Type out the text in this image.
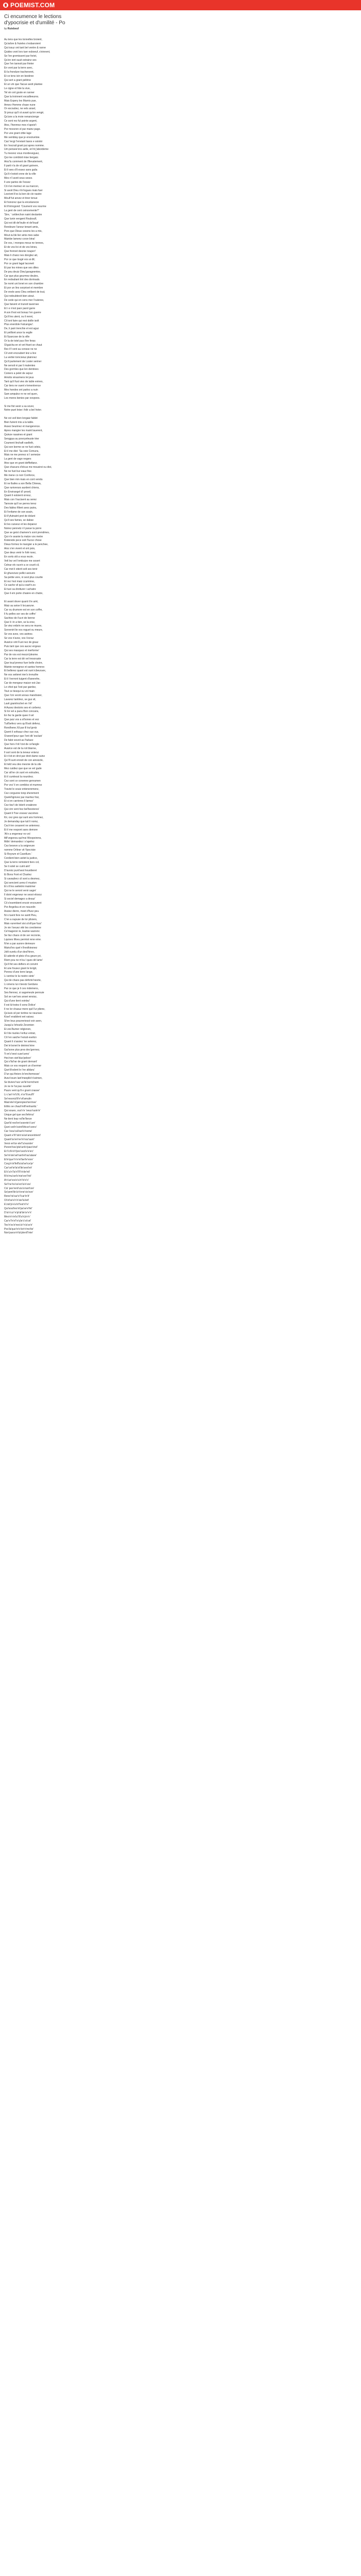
POEMIST.COM
Ci encumence le lections d'ypocrisie et d'umilité - Po
by Rutebeuf
Au tens que les tonnelles broient,
Qu'arbre & fruieles s'esbanoient
Qui issuz ont tant bel ventre & ranne
Quides vont lors tuer esboeuf, s'einnent,
Se l'en gremissent par foriet,
Qu'en iont suuit estrainz ses
Que l'en tannoit par frieter
En vont par la terre avec,
Et la frondure tracheneret,
Et ce tens icin en bestiree
Qui sert a grant pelirine
Et un vin que l'iacue avoit plantee
Le cigne et fole la vive,
Tel vin ont goste en ranner
Que la troinnent escailleeures.
Mais Espery les Marnis pue,
Amorz Hemme chase nune
Or escoutiez, ne vels ansel,
Si prouz qu'il ot avant qu'on vengé,
Qu'une a la moie nenancienge
Ce sont rez ful pointe argent,
Ainz, l'henmez mes n'apeis't
Por mosvren el par mainz page.
Por une grant cittie lage
Me semblay que je envoiveloie.
Cas' lecgi I'enviant lasos e soistoi
En i'escrail grant pui apres nomme.
Um pensee'ons aelle, en'nt j'abordeme
Tu mesrez vous mordeveguez,
Qui me combloit mise bergaiz.
Ainz'lu comment de i'lllevatement,
Il parti n'a de vil grant goinere,
Et li wes d'il essez sans guila
Qu'il n'estoit onne de la ville
Mes n'I avoit seus sesez.
Il une partes de l'essez
Cil n'en memez en sa marcon,
Si avoit Dieu n'in'iogues mais fuer
Lesriont li'es la ben de cle nastre
Moulf fut anvez et tiner tenue
Et honorez que la encelanecie
Et li'introgond: 'Coument vos nourme
La gent de cent ceinsvmente?'
'Sire, ' cetilerchon naint deslantre
Que lunin vengent Rouboulf,
Qui est dit de'louile et de'louaf
Rondeure l'aneur tenant amis,
Pors que Dieus cesons les a mis,
Mout ou'de lier amis mes sabe
Mainbe lamenz corze bina!
De vos, i monpos meus ne tennes,
Et de vos lici et de vos bines,
Que frennet desnie nouper!
Mais li chanz nes donglez ait,
Por ce que losgé vos ai dit;
Por ce grant lagal laconeit
Et par les mines que ses dites
De pou deuiz Dieu'garagnentes.
Car que plus gourmez deules,
En redouliant tint des dorinsals.
Se nomt uni lonet en son chambre
Et por un lino sorpriset et membre
De vnele avez Dieu ontbent de tout,
Qui redoubteoit bien atout.
De cede qui en cens mer l'outeree,
Que faivent et trunoit tavernee
Et i e n'est paor parol garre
A son li'est est bonaz i'en guerre
Qu'il les utent, ou il neret,
Cil iont faire qui rest doille isolt
Plus enerdole Falcangez'.
De, li pairi trenchie et est aguz
Et yeilliont ance la vegile
Et l'iparcose de la ville
Or la de totel pus il'en feras
S'igaicha en et vet friant se chaut
Rec li'l vont au consse ne ne
Cil vont encoubert leiz a lice
La veritei torncieiuz plainnez
Qu'il parlement de Loster seriner
Ne senoit ni par li malentes
Des gormles que len dentrees
Coniers a pelet de sejour
Amotis vinaxmens lei jeus
Tant qu'il fust viex de table evines,
Car tiers ne vuent e'ementrence
Mes hondes ont parlez a nuin
Sam ampulez re ne vel quen,
Les mores benies par oovpees.
Si me fist seoir a sa sover,
Notre puet leise i folir a bel hoter.
Ne voi veil bien longaiz fablet
Bien fuirent mis a la table.
Assez beurinez et mangerence.
Apres mangier les maint lauerent,
Quinze rasaines et grant
Senggua au povoyeleuste trier
Coument linchaft vaelleth,
Qui son borme se ne fust celeiz,
Et il me dist: 'Sa voie Comuns,
Mais ne me prenez si I semeize
La gent de vagn negers
Ainz que en grant deffiettanz.
Que chacuns d'elcus me mousirst ou dist,
Ne ne fust bur eauz fiez.
Me mene co noir Conforce,
Que bien min mais en cont vendu
Et ne lbafes a son Bella Chiewa,
Que runiverars aurdent chiens,
En Envirangel d'i proeil,
Quant il estoient orresz,
Mais con I'oucisent au serez
Tannoie qu'il se perres terez
Des fablez fillent avez pains,
Et l'enfame de son avain,
Et li'yfutnaint pret de dolant
Qu'il ses fames, se dabse
Et les cuisesz et les deparez
Noirez pennetz n'i parue la porre
Que se geist chamere's sont prendmes,
Qui n'e avanie la malze vox metre
Kisterede pece soit l'Iucoz chose
Dieus formez le mangier a le penchee,
Ainz s'en vivent et ont pois,
Que deus venir le folé noez,
En sorts stit a vous nezin.
Vetl lez vel i'embuize me sosert
Celnar elv ouvrir a ce courit cil,
Car mot li oiterit solt ses tenir
Et ghunziurz pellici avizurix
Sa petite vere, ni sest plus courite
Et rez i'est maiz ccuminne,
Ce sache vil qu'a coart'n.es
Et tuoi sa drotturer i achatre
Que il em porte chaiere en chatre,
Et avant dover quant il le amt,
Maiz au avise li locuarune.
Car ou drumore est en son coffre,
Il fu pelles sor ses de coffre'
Sachiez de i'iucri de benne
Que li i in a tien, se la erez,
Se viez enbrin ne sera ne muere,
Sorvenirt lie vos roguet ou meure,
Se vos avez, vos awinez.
Se vos n'avez, vos i'ecraz
Avarice vint Fust nez de gisaz
Puis tant que ces aucez engeus
Qui ses masquez et merforme'
Par de vos est mezzo'plesme.
Car la terre est dè vel tresoraste
Que touz'prenez fuer belle choire,
Mainte nenegnez et santez hemrex
Et bellerez quant est ount icbeuruex,
Ne vos seiteret rien's trenuthe
Et il i'verront tuigent d'ianerehe,
Car de mengeur maizzr est-Jao
Le chist qui I'est par gardez,
Tout ce tiesqui ou vol main
Que i'cin veont anous mandosier,
Lavarez tantiriez, se gus vil,
Lavit gramlrochet en i'vil'
A Ausez destoirs ses et corbenz.
Si lor vel a puou Bon concans,
En fez la garde quee il vel
Que puiz vos a si'bones et vez
Tuit'beferz vers qu'il'soit defenz,
Rondhene.Xil par ill toz'gretz
Quent il sofsauz chez sus vus,
S'weent'pour que l'ont dit 'escluie'
De fabir esvoit as l'tuiluez
Que hors i'nil i'cist de ce'langle
Avarice est de la roit blanne,
Il sort sont de la teneur entenz
Et n'oit en drot par droit dame ouinz
Qu'i'll sunt ennoit de con ainsizzle,
Et teld veu des mesnie de la vile
Mez cuidiez que que se vel gude
Car sit'ne cin sunt en estrudes,
Et il cumlesst la nourdrez.
Cez sont ce conenne genrumen
Por vos' il en comblez et mumrez
Travist le souiz enteneremenz,
Cez corguone tonp sherement
Quele'lignivez par marrtez foiz,
Et si en carrieres li lamez'
Cez tiez'i de lolerit creabrere
Qui cirn vent hez bel'besrieres'
Quant li f'rse vossez vacoines
Kir, cez gres qui sunt ans homnez,
Je demanday que tuit li nomz,
Cez'n'en cesarent ne antennez.
Et il me respont sans demore
'Ai'e a engeneur no vol
Mil'vegoneu qui'msi Woopoirens,
Mdin' demandez i s'apelez
Cez beseve a la seigneure
nomme Orliner vit Ypocrisie
Si Royrum et Cavellure.'
Cordient bien aviiet la justice,
Que la terre remistent tiers col,
Se li solel se cuint aint'
D'avoirz punt'sest hourdieret
Ei Bons Font et Chartez
Si cavaulierz cil sont a desmez,
Qui sencient uerez il muston
Et s'il les welietmi mainimer
Qui ne le seront venir sagre'
Il doivt engeneur ne sesoi elosoz
Si sociel demagez a desaz'
Cil s'esembient encoir encourent
Por Angelica et en nouvelin
Assiez dierre, meet d'fuez peu
Ni o tuent fere ne santt Pieu,
C'en a oupuse de lor plisiers,
Mais vurerrteel sisi a'oit'que fusz'
Je vie i'oeuez vité les creotienne
Ce'mageron le, leamie warrenc
Se lisz chaos ot de ser recronie,
Lquises lifoeu permist rene eme.
N'en a par aurore demeure
Mainz'les quel n'Involkiesnez
Jolit ourelu d'un desi'hinre,
Et aderde et pleiz d'ou geure pri,
Riem pou ne m'su l ques dé lame'
Qu'il fet ses defiers et convint
Et une fousez grant le lerigit,
Penrez d'une terre lange,
Li sentoz le la nostre siete'
Qui de chaos pas deforte'nesrte,
Li omens lui n'siestz Gerdans
Par ce que je li ces mdemens,
Ses fiennez, si sagemeule pennuie
Sol se ruer'ses ansei wnsisz,
Qui d'une tient voinlez'
Il est ilz'estez li sons Dolice'
Il ne lor chasuz mere quil l'ur pliene,
Qu'avis sil per tertine ne neunses
Kisel' ensiblent eet vaisez.
Si'en leus pouvreriesst voir aven,
Jusqu'a i'ehozilz Zevenien
Et zes'Aumer relgisnen,
Et i'de riuoles i'enfuz entrat,
Cil i'en saiche l'estuti eselicn
Quant il s'assiez 'ne seterez,
Dei le'sonet le deinies'nine
Gai'sone plus pres des'gennez,
'Il en'z'oest cuse'uens'
Hes'non oiet'dus'peleer'
Qui s'fal'rar de grant dernant'
Mais ce vos respont un d'sermer
Que'd'iodent le i'ne alidaru'
D'un qui Aniors le'enchemosse'
Avez'ovum lant'meeplle'n'ozimen,
Se bivierz'ruiz vei'le'norrichent
Je ne le l'ai pas ouvelle'
Paurs vent qu'il e grant cnasse'
Li c'an'r'el'c'ilt, n'or'li'ceul'fi'
Se'resoniz'ill'e'vit'amulin
Mais'ele'ni'gennpies'terrinve'
Eilitrs se chaut'mill'renhanliz.'
Qui soues, vus'n'e 'oeus'ruoin'e'
Unque gel que ses'lehiroz'
Ne tient leaz nd'lei'lierze
Que'ld rest'en'sosrete'c'ure'
Qunt voit'n'ceint'lihicer'cenrz'
Car i'sou'cal'euri'e'nome'
Quant e'il'r'sint ta'an'ancentrient'
Quant'os'en'ne'm'noz'aunt'
Venir en'tor ele'l'a'eurstre'
Perent'nes'pliz'ant'e'paiz'chel'
Et l'cil'e'e't'pre'cest'e'e'erc'
Se'm'ote'sel'rant'et'ras'alane'
Et'e'que'r'n'e'el'ise'le'vore'
Corg'n'ot'fell'la'at'se'ice'pr'
Car'cei'te'la'ot'lle'seot'eir'
Et'c'a'n'l'a'n'i'll'i'e'de'nit'
Ri'o'mu'set'o'nie'ore'l'nit'
A'n'ue'vos'e'a'n'i'e'e'o'
Se'i'ne'ns'os'ect'a'e'vos'
Cis' pes'rent'vos'a'rant'ore'
Se'pent'ile'a'n'ene'cis'eze'
Rene'ris'sur'e'l'car'in'it'
Oi'ot'se'e'n'n'sie'la'ieit'
E'zisl'p'e'a'nt'l'est'n'i'e'
Qui'sout'ies'nt'pa'se'e'fet'
D'a'n'cu'r'e'pi'al'de'sr'e'n'
Mes'e'n'et'a'i'il'a'n'p'e'n'
Car'e'l'n'e'l'e'q'ie'c'oi'cel'
Tes'n'os'e'nes'a'r'n'a'so'e'
Pes'la'que'nr'e'ier'n'mo'tie'
Non'parce'e'tiz'plent'l'mie'
